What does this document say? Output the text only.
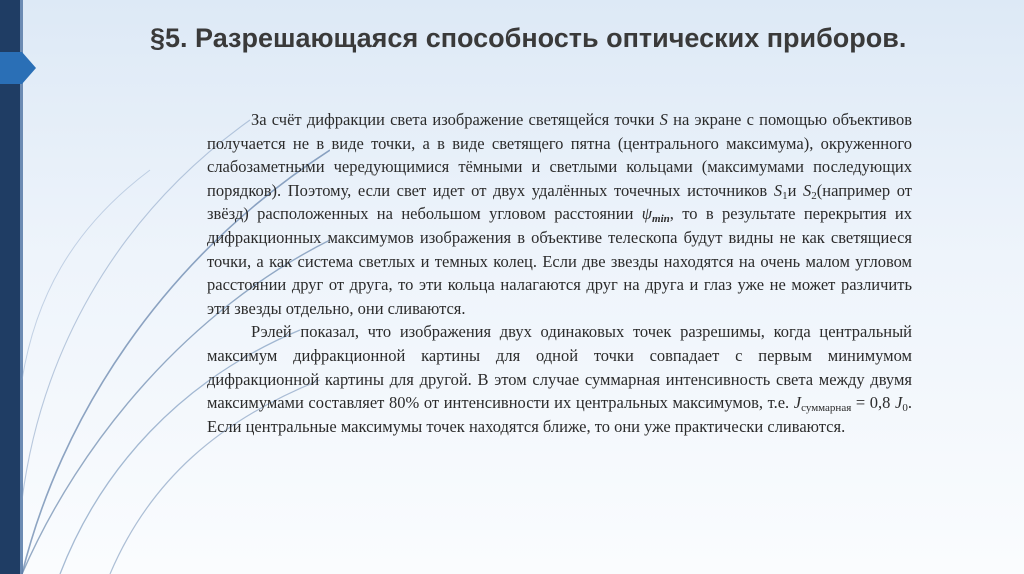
§5. Разрешающаяся способность оптических приборов.

За счёт дифракции света изображение светящейся точки S на экране с помощью объективов получается не в виде точки, а в виде светящего пятна (центрального максимума), окруженного слабозаметными чередующимися тёмными и светлыми кольцами (максимумами последующих порядков). Поэтому, если свет идет от двух удалённых точечных источников $S_1и$ $S_2(например$ от звёзд) расположенных на небольшом угловом расстоянии $\psi_{min}$, то в результате перекрытия их дифракционных максимумов изображения в объективе телескопа будут видны не как светящиеся точки, а как система светлых и темных колец. Если две звезды находятся на очень малом угловом расстоянии друг от друга, то эти кольца налагаются друг на друга и глаз уже не может различить эти звезды отдельно, они сливаются.

Рэлей показал, что изображения двух одинаковых точек разрешимы, когда центральный максимум дифракционной картины для одной точки совпадает с первым минимумом дифракционной картины для другой. В этом случае суммарная интенсивность света между двумя максимумами составляет 80% от интенсивности их центральных максимумов, т.е. $J_{суммарная} = 0,8$ $J_0$. Если центральные максимумы точек находятся ближе, то они уже практически сливаются.
